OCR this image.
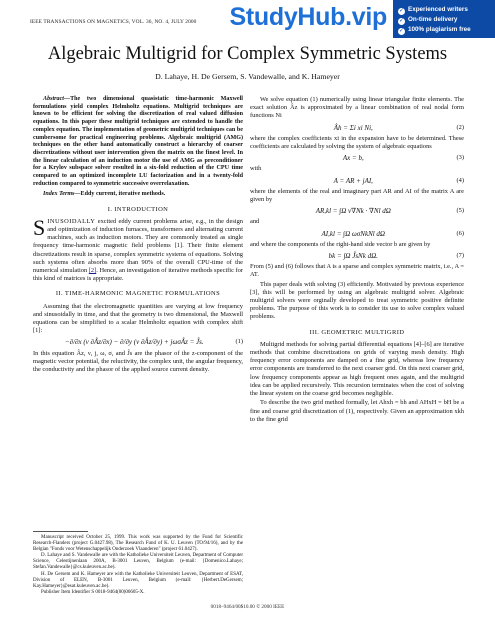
StudyHub.vip ✓ Experienced writers
✓ On-time delivery
✓ 100% plagiarism free
IEEE TRANSACTIONS ON MAGNETICS, VOL. 36, NO. 4, JULY 2000
Algebraic Multigrid for Complex Symmetric Systems
D. Lahaye, H. De Gersem, S. Vandewalle, and K. Hameyer

Abstract—The two dimensional quasistatic time-harmonic Maxwell formulations yield complex Helmholtz equations. Multigrid techniques are known to be efficient for solving the discretization of real valued diffusion equations. In this paper these multigrid techniques are extended to handle the complex equation. The implementation of geometric multigrid techniques can be cumbersome for practical engineering problems. Algebraic multigrid (AMG) techniques on the other hand automatically construct a hierarchy of coarser discretizations without user intervention given the matrix on the finest level. In the linear calculation of an induction motor the use of AMG as preconditioner for a Krylov subspace solver resulted in a six-fold reduction of the CPU time compared to an optimized incomplete LU factorization and in a twenty-fold reduction compared to symmetric successive overrelaxation.

Index Terms—Eddy current, iterative methods.

I. INTRODUCTION

SINUSOIDALLY excited eddy current problems arise, e.g., in the design and optimization of induction furnaces, transformers and alternating current machines, such as induction motors. They are commonly treated as single frequency time-harmonic magnetic field problems [1]. Their finite element discretizations result in sparse, complex symmetric systems of equations. Solving such systems often absorbs more than 90% of the overall CPU-time of the numerical simulation [2]. Hence, an investigation of iterative methods specific for this kind of matrices is appropriate.

II. TIME-HARMONIC MAGNETIC FORMULATIONS

Assuming that the electromagnetic quantities are varying at low frequency and sinusoidally in time, and that the geometry is two dimensional, the Maxwell equations can be simplified to a scalar Helmholtz equation with complex shift [1]:

−∂/∂x (ν ∂Âz/∂x) − ∂/∂y (ν ∂Âz/∂y) + jωσÂz = Ĵs.	(1)

In this equation Âz, ν, j, ω, σ, and Ĵs are the phasor of the z-component of the magnetic vector potential, the reluctivity, the complex unit, the angular frequency, the conductivity and the phasor of the applied source current density.

Manuscript received October 25, 1999. This work was supported by the Fund for Scientific Research-Flanders (project G.0427.98), The Research Fund of K. U. Leuven (TO/94/16), and by the Belgian "Fonds voor Wetenschappelijk Onderzoek Vlaanderen" (project 61.0427).

D. Lahaye and S. Vandewalle are with the Katholieke Universiteit Leuven, Department of Computer Science, Celestijnenlaan 200A, B-3001 Leuven, Belgium (e-mail: {Domenico.Lahaye; Stefan.Vandewalle}@cs.kuleuven.ac.be).

H. De Gersem and K. Hameyer are with the Katholieke Universiteit Leuven, Department of ESAT, Division of ELEN, B-3001 Leuven, Belgium (e-mail: {Herbert.DeGersem; Kay.Hameyer}@esat.kuleuven.ac.be).

Publisher Item Identifier S 0018-9464(00)06605-X.

We solve equation (1) numerically using linear triangular finite elements. The exact solution Âz is approximated by a linear combination of real nodal form functions Ni

Âh = Σi xi Ni,	(2)

where the complex coefficients xi in the expansion have to be determined. These coefficients are calculated by solving the system of algebraic equations

Ax = b,	(3)

with

A = AR + jAI,	(4)

where the elements of the real and imaginary part AR and AI of the matrix A are given by

AR,kl = ∫Ω ν∇Nk · ∇Nl dΩ	(5)

and

AI,kl = ∫Ω ωσNkNl dΩ	(6)

and where the components of the right-hand side vector b are given by

bk = ∫Ω ĴsNk dΩ.	(7)

From (5) and (6) follows that A is a sparse and complex symmetric matrix, i.e., A = AT.

This paper deals with solving (3) efficiently. Motivated by previous experience [3], this will be performed by using an algebraic multigrid solver. Algebraic multigrid solvers were orginally developed to treat symmetric positive definite problems. The purpose of this work is to consider its use to solve complex valued problems.

III. GEOMETRIC MULTIGRID

Multigrid methods for solving partial differential equations [4]–[6] are iterative methods that combine discretizations on grids of varying mesh density. High frequency error components are damped on a fine grid, whereas low frequency error components are transferred to the next coarser grid. On this next coarser grid, low frequency components appear as high frequent ones again, and the multigrid idea can be applied recursively. This recursion terminates when the cost of solving the linear system on the coarse grid becomes negligible.

To describe the two grid method formally, let Ahxh = bh and AHxH = bH be a fine and coarse grid discretization of (1), respectively. Given an approximation xkh to the fine grid

0018–9464/00$10.00 © 2000 IEEE
